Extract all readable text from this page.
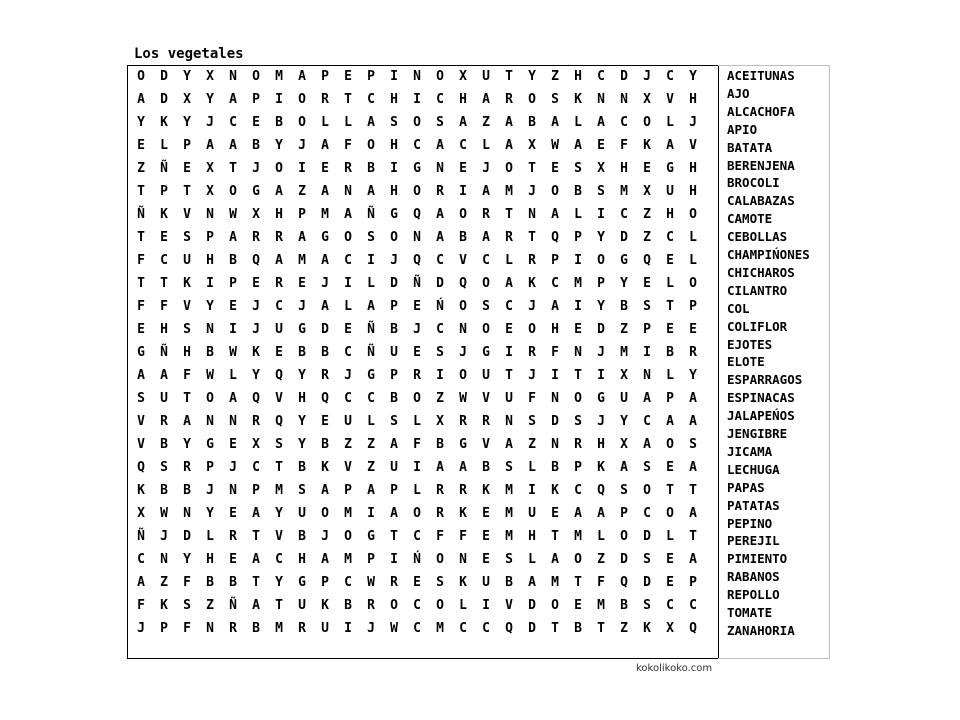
Los vegetales
O	D	Y	X	N	O	M	A	P	E	P	I	N	O	X	U	T	Y	Z	H	C	D	J	C	Y
A	D	X	Y	A	P	I	O	R	T	C	H	I	C	H	A	R	O	S	K	N	N	X	V	H
Y	K	Y	J	C	E	B	O	L	L	A	S	O	S	A	Z	A	B	A	L	A	C	O	L	J
E	L	P	A	A	B	Y	J	A	F	O	H	C	A	C	L	A	X	W	A	E	F	K	A	V
Z	Ñ	E	X	T	J	O	I	E	R	B	I	G	N	E	J	O	T	E	S	X	H	E	G	H
T	P	T	X	O	G	A	Z	A	N	A	H	O	R	I	A	M	J	O	B	S	M	X	U	H
Ñ	K	V	N	W	X	H	P	M	A	Ñ	G	Q	A	O	R	T	N	A	L	I	C	Z	H	O
T	E	S	P	A	R	R	A	G	O	S	O	N	A	B	A	R	T	Q	P	Y	D	Z	C	L
F	C	U	H	B	Q	A	M	A	C	I	J	Q	C	V	C	L	R	P	I	O	G	Q	E	L
T	T	K	I	P	E	R	E	J	I	L	D	Ñ	D	Q	O	A	K	C	M	P	Y	E	L	O
F	F	V	Y	E	J	C	J	A	L	A	P	E	Ń	O	S	C	J	A	I	Y	B	S	T	P
E	H	S	N	I	J	U	G	D	E	Ñ	B	J	C	N	O	E	O	H	E	D	Z	P	E	E
G	Ñ	H	B	W	K	E	B	B	C	Ñ	U	E	S	J	G	I	R	F	N	J	M	I	B	R
A	A	F	W	L	Y	Q	Y	R	J	G	P	R	I	O	U	T	J	I	T	I	X	N	L	Y
S	U	T	O	A	Q	V	H	Q	C	C	B	O	Z	W	V	U	F	N	O	G	U	A	P	A
V	R	A	N	N	R	Q	Y	E	U	L	S	L	X	R	R	N	S	D	S	J	Y	C	A	A
V	B	Y	G	E	X	S	Y	B	Z	Z	A	F	B	G	V	A	Z	N	R	H	X	A	O	S
Q	S	R	P	J	C	T	B	K	V	Z	U	I	A	A	B	S	L	B	P	K	A	S	E	A
K	B	B	J	N	P	M	S	A	P	A	P	L	R	R	K	M	I	K	C	Q	S	O	T	T
X	W	N	Y	E	A	Y	U	O	M	I	A	O	R	K	E	M	U	E	A	A	P	C	O	A
Ñ	J	D	L	R	T	V	B	J	O	G	T	C	F	F	E	M	H	T	M	L	O	D	L	T
C	N	Y	H	E	A	C	H	A	M	P	I	Ń	O	N	E	S	L	A	O	Z	D	S	E	A
A	Z	F	B	B	T	Y	G	P	C	W	R	E	S	K	U	B	A	M	T	F	Q	D	E	P
F	K	S	Z	Ñ	A	T	U	K	B	R	O	C	O	L	I	V	D	O	E	M	B	S	C	C
J	P	F	N	R	B	M	R	U	I	J	W	C	M	C	C	Q	D	T	B	T	Z	K	X	Q
ACEITUNAS
AJO
ALCACHOFA
APIO
BATATA
BERENJENA
BROCOLI
CALABAZAS
CAMOTE
CEBOLLAS
CHAMPIŃONES
CHICHAROS
CILANTRO
COL
COLIFLOR
EJOTES
ELOTE
ESPARRAGOS
ESPINACAS
JALAPEŃOS
JENGIBRE
JICAMA
LECHUGA
PAPAS
PATATAS
PEPINO
PEREJIL
PIMIENTO
RABANOS
REPOLLO
TOMATE
ZANAHORIA
kokolikoko.com
